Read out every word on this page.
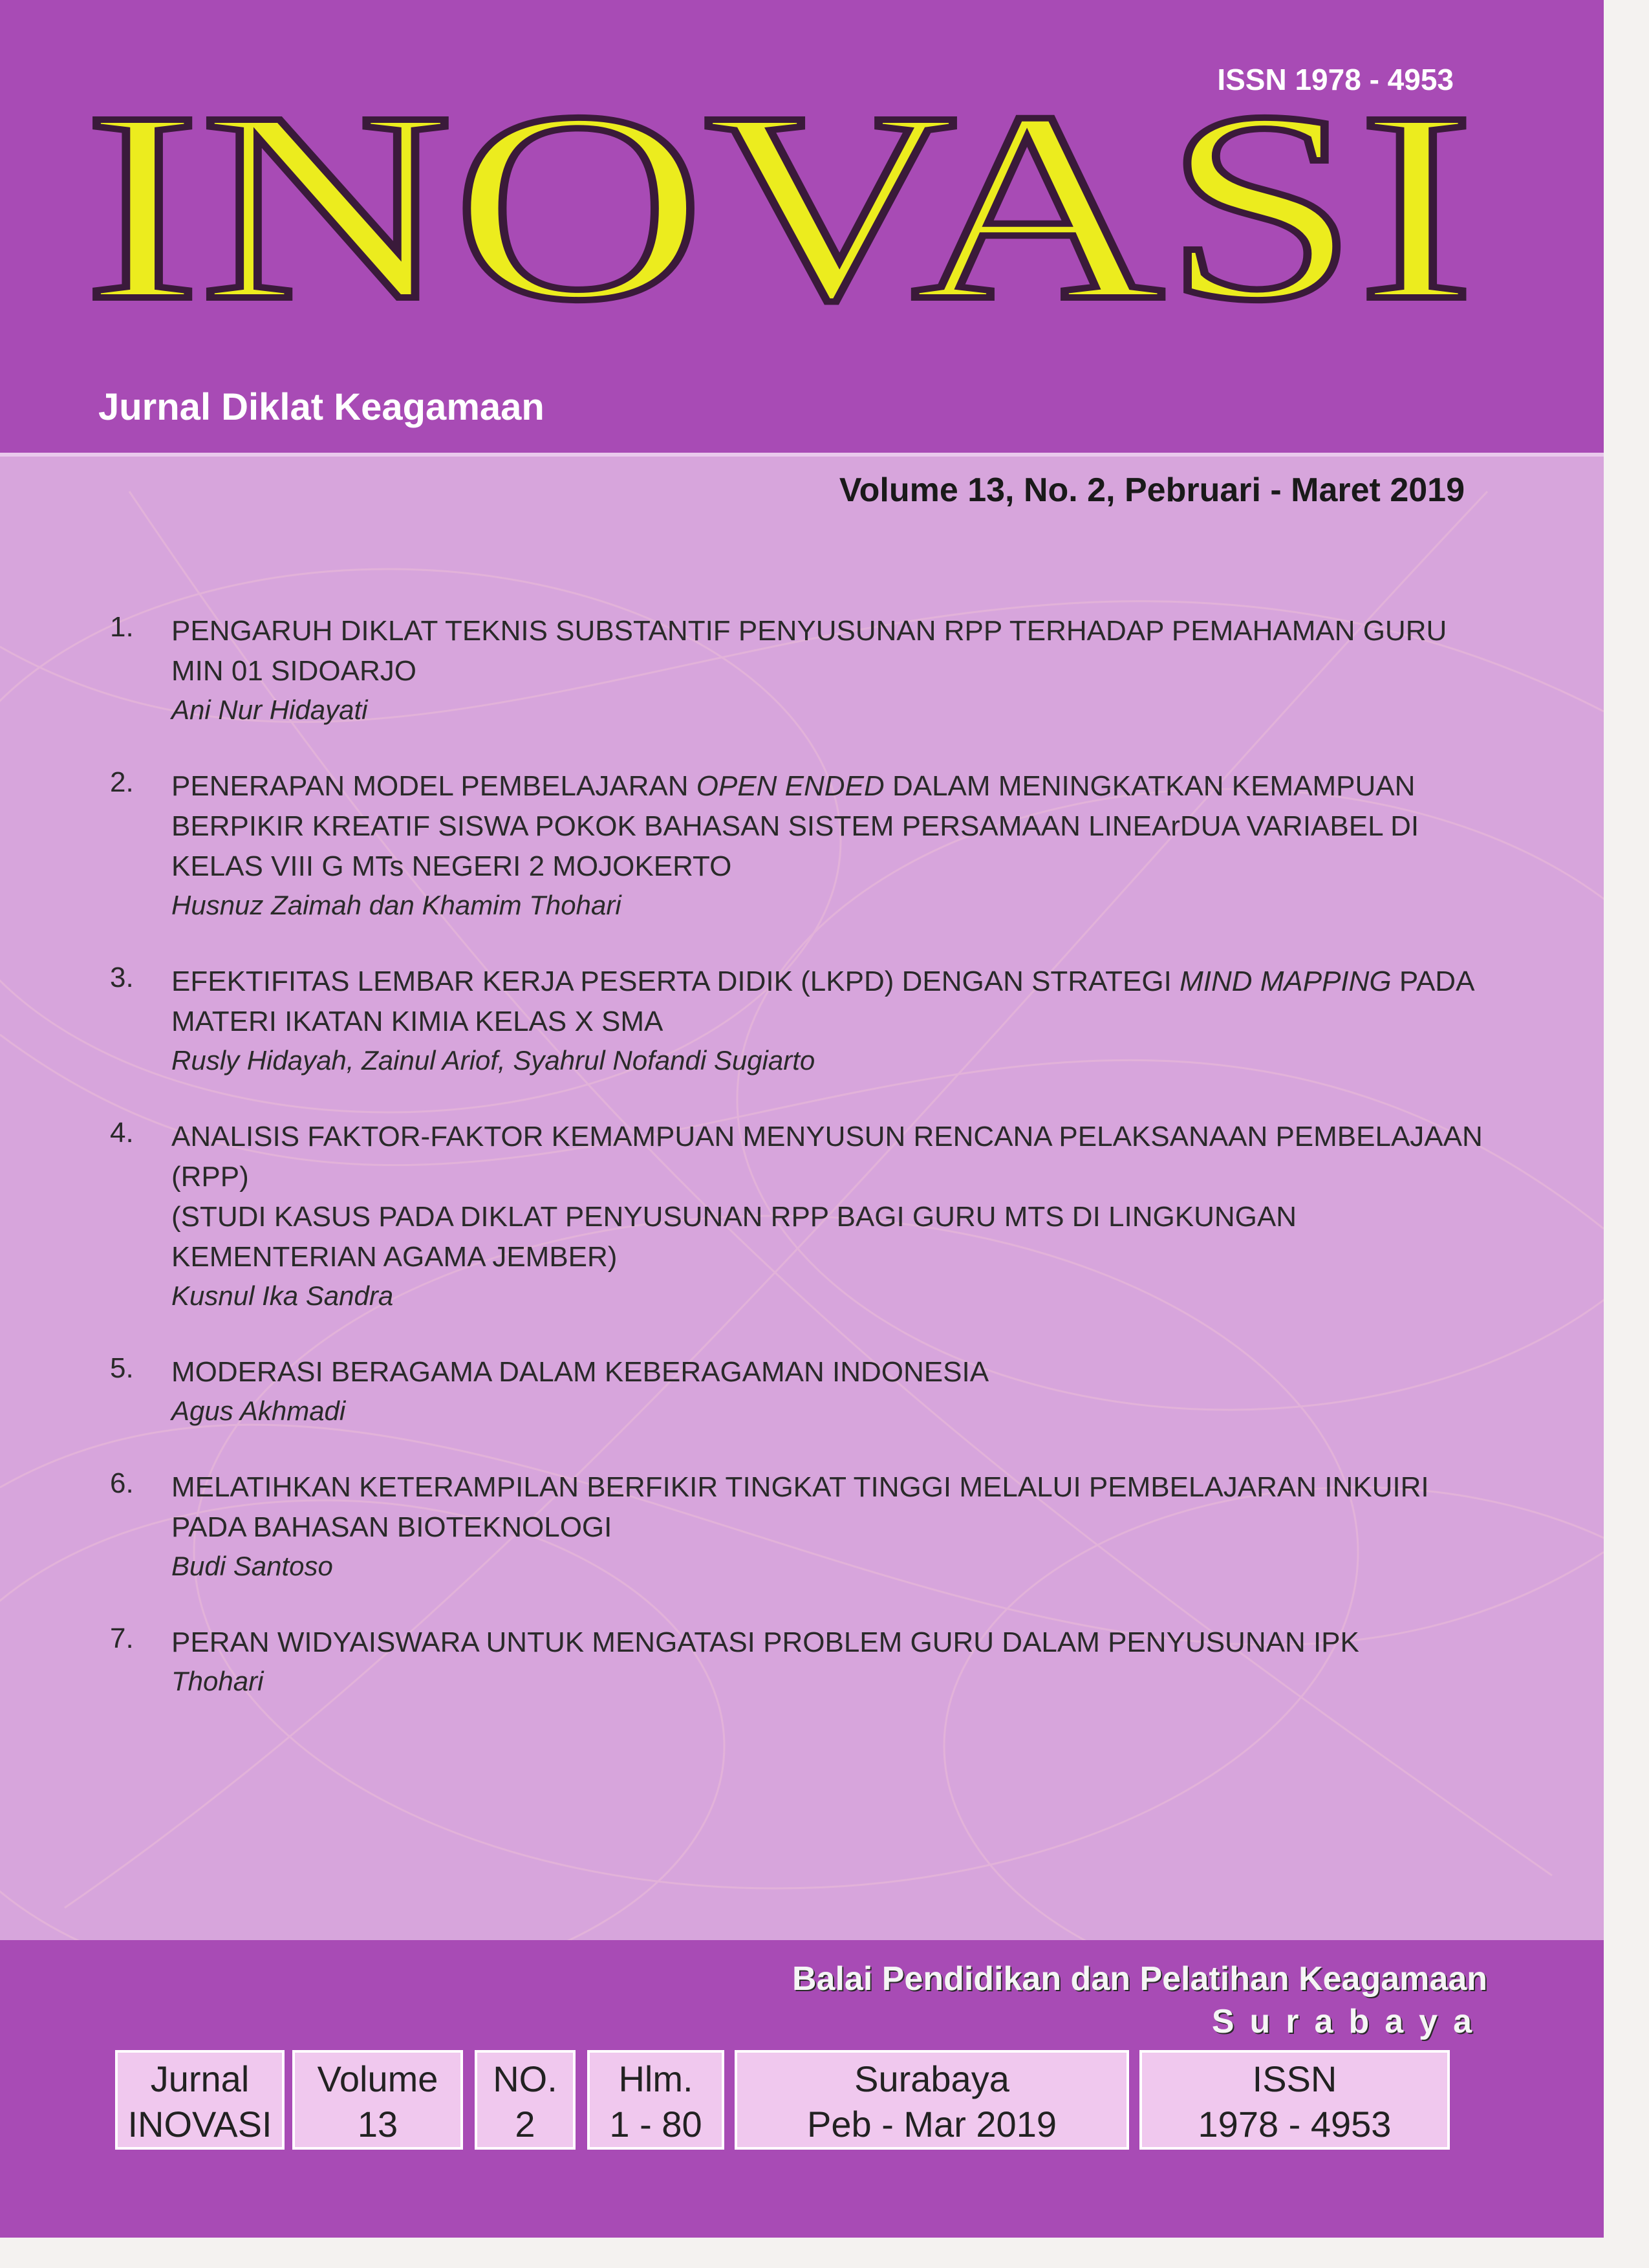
ISSN 1978 - 4953
INOVASI
Jurnal Diklat Keagamaan
Volume 13, No. 2, Pebruari - Maret 2019
1. PENGARUH DIKLAT TEKNIS SUBSTANTIF PENYUSUNAN RPP TERHADAP PEMAHAMAN GURU MIN 01 SIDOARJO
Ani Nur Hidayati
2. PENERAPAN MODEL PEMBELAJARAN OPEN ENDED DALAM MENINGKATKAN KEMAMPUAN BERPIKIR KREATIF SISWA POKOK BAHASAN SISTEM PERSAMAAN LINEArDUA VARIABEL DI KELAS VIII G MTs NEGERI 2 MOJOKERTO
Husnuz Zaimah dan Khamim Thohari
3. EFEKTIFITAS LEMBAR KERJA PESERTA DIDIK (LKPD) DENGAN STRATEGI MIND MAPPING PADA MATERI IKATAN KIMIA KELAS X SMA
Rusly Hidayah, Zainul Ariof, Syahrul Nofandi Sugiarto
4. ANALISIS FAKTOR-FAKTOR KEMAMPUAN MENYUSUN RENCANA PELAKSANAAN PEMBELAJAAN (RPP)
(STUDI KASUS PADA DIKLAT PENYUSUNAN RPP BAGI GURU MTS DI LINGKUNGAN KEMENTERIAN AGAMA JEMBER)
Kusnul Ika Sandra
5. MODERASI BERAGAMA DALAM KEBERAGAMAN INDONESIA
Agus Akhmadi
6. MELATIHKAN KETERAMPILAN BERFIKIR TINGKAT TINGGI MELALUI PEMBELAJARAN INKUIRI PADA BAHASAN BIOTEKNOLOGI
Budi Santoso
7. PERAN WIDYAISWARA UNTUK MENGATASI PROBLEM GURU DALAM PENYUSUNAN IPK
Thohari
Balai Pendidikan dan Pelatihan Keagamaan
Surabaya
Jurnal
INOVASI
Volume
13
NO.
2
Hlm.
1 - 80
Surabaya
Peb - Mar 2019
ISSN
1978 - 4953
